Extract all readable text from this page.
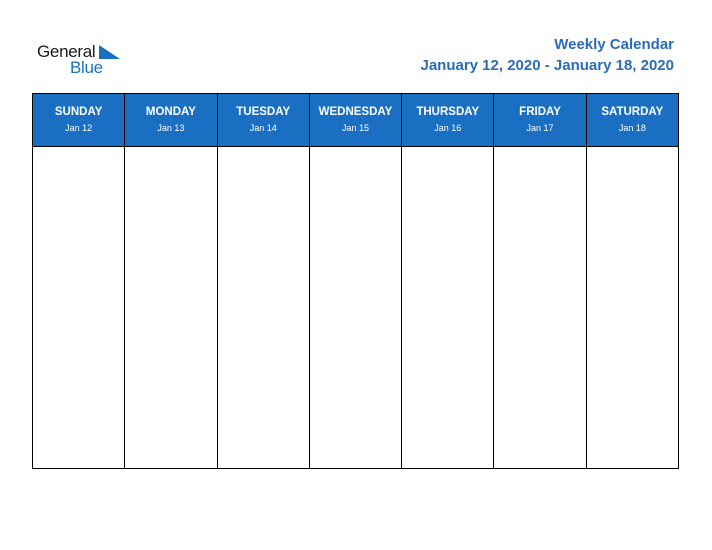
General
Blue
Weekly Calendar
January 12, 2020 - January 18, 2020
SUNDAY
Jan 12
MONDAY
Jan 13
TUESDAY
Jan 14
WEDNESDAY
Jan 15
THURSDAY
Jan 16
FRIDAY
Jan 17
SATURDAY
Jan 18
